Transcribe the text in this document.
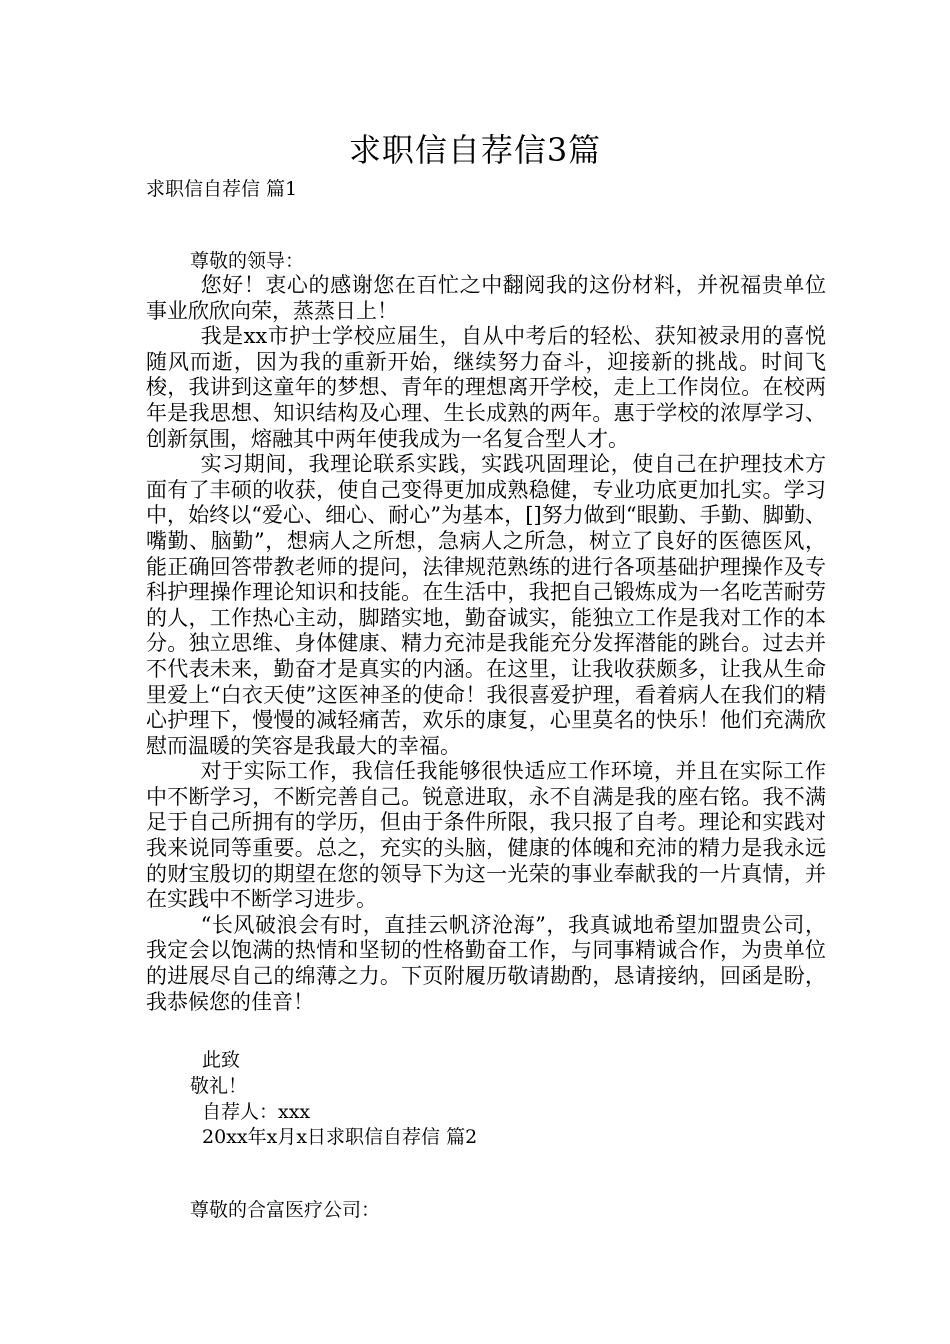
求职信自荐信3篇
求职信自荐信 篇1
尊敬的领导：

您好！衷心的感谢您在百忙之中翻阅我的这份材料，并祝福贵单位事业欣欣向荣，蒸蒸日上！

我是xx市护士学校应届生，自从中考后的轻松、获知被录用的喜悦随风而逝，因为我的重新开始，继续努力奋斗，迎接新的挑战。时间飞梭，我讲到这童年的梦想、青年的理想离开学校，走上工作岗位。在校两年是我思想、知识结构及心理、生长成熟的两年。惠于学校的浓厚学习、创新氛围，熔融其中两年使我成为一名复合型人才。

实习期间，我理论联系实践，实践巩固理论，使自己在护理技术方面有了丰硕的收获，使自己变得更加成熟稳健，专业功底更加扎实。学习中，始终以“爱心、细心、耐心”为基本，[]努力做到“眼勤、手勤、脚勤、嘴勤、脑勤”，想病人之所想，急病人之所急，树立了良好的医德医风，能正确回答带教老师的提问，法律规范熟练的进行各项基础护理操作及专科护理操作理论知识和技能。在生活中，我把自己锻炼成为一名吃苦耐劳的人，工作热心主动，脚踏实地，勤奋诚实，能独立工作是我对工作的本分。独立思维、身体健康、精力充沛是我能充分发挥潜能的跳台。过去并不代表未来，勤奋才是真实的内涵。在这里，让我收获颇多，让我从生命里爱上“白衣天使”这医神圣的使命！我很喜爱护理，看着病人在我们的精心护理下，慢慢的减轻痛苦，欢乐的康复，心里莫名的快乐！他们充满欣慰而温暖的笑容是我最大的幸福。

对于实际工作，我信任我能够很快适应工作环境，并且在实际工作中不断学习，不断完善自己。锐意进取，永不自满是我的座右铭。我不满足于自己所拥有的学历，但由于条件所限，我只报了自考。理论和实践对我来说同等重要。总之，充实的头脑，健康的体魄和充沛的精力是我永远的财宝殷切的期望在您的领导下为这一光荣的事业奉献我的一片真情，并在实践中不断学习进步。

“长风破浪会有时，直挂云帆济沧海”，我真诚地希望加盟贵公司，我定会以饱满的热情和坚韧的性格勤奋工作，与同事精诚合作，为贵单位的进展尽自己的绵薄之力。下页附履历敬请勘酌，恳请接纳，回函是盼，我恭候您的佳音！

此致
敬礼！
自荐人：xxx
20xx年x月x日求职信自荐信 篇2
尊敬的合富医疗公司：
